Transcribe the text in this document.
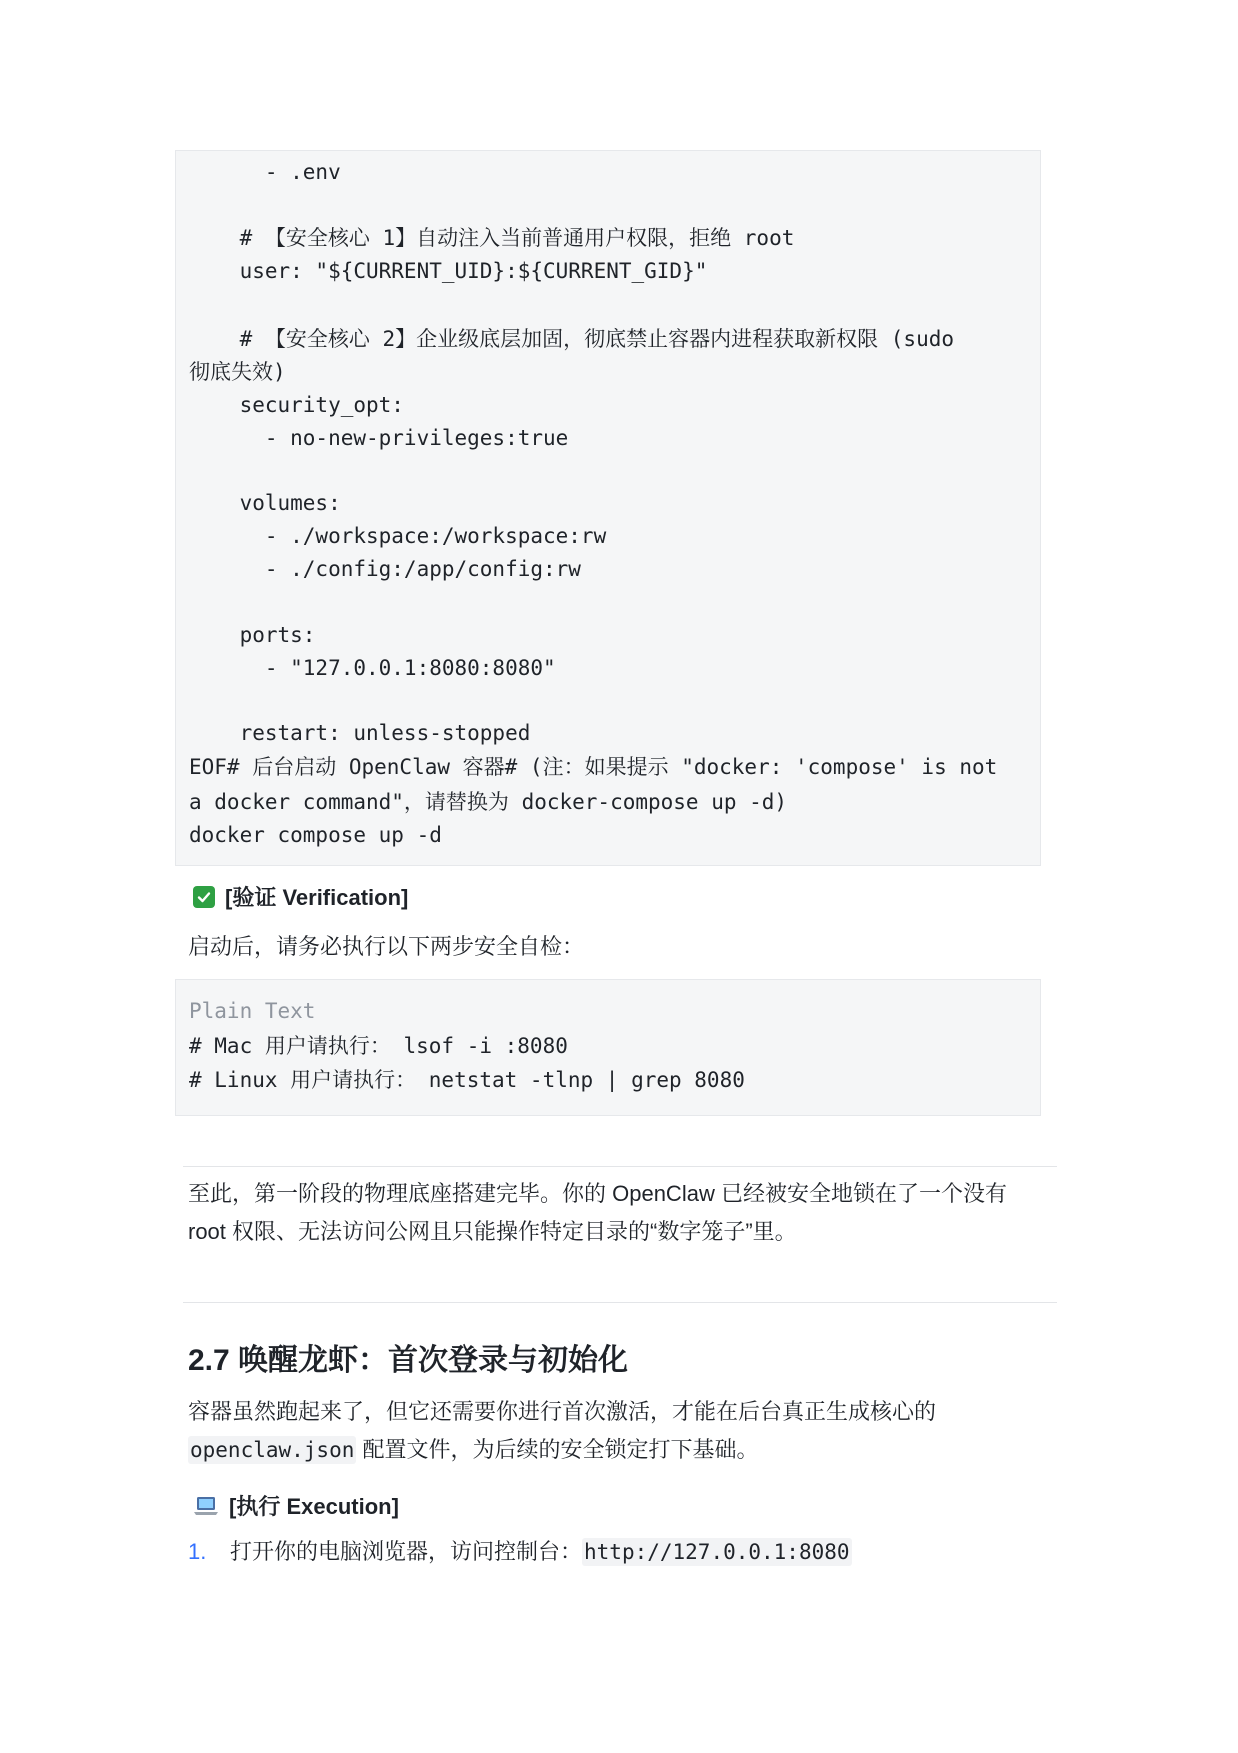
- .env
# 【安全核心 1】自动注入当前普通用户权限，拒绝 root
user: "${CURRENT_UID}:${CURRENT_GID}"
# 【安全核心 2】企业级底层加固，彻底禁止容器内进程获取新权限 (sudo
彻底失效)
security_opt:
- no-new-privileges:true
volumes:
- ./workspace:/workspace:rw
- ./config:/app/config:rw
ports:
- "127.0.0.1:8080:8080"
restart: unless-stopped
EOF# 后台启动 OpenClaw 容器# (注：如果提示 "docker: 'compose' is not
a docker command"，请替换为 docker-compose up -d)
docker compose up -d
[验证 Verification]
启动后，请务必执行以下两步安全自检：
Plain Text
# Mac 用户请执行： lsof -i :8080
# Linux 用户请执行： netstat -tlnp | grep 8080
至此，第一阶段的物理底座搭建完毕。你的 OpenClaw 已经被安全地锁在了一个没有
root 权限、无法访问公网且只能操作特定目录的“数字笼子”里。
2.7 唤醒龙虾：首次登录与初始化
容器虽然跑起来了，但它还需要你进行首次激活，才能在后台真正生成核心的
openclaw.json 配置文件，为后续的安全锁定打下基础。
[执行 Execution]
1. 打开你的电脑浏览器，访问控制台：http://127.0.0.1:8080
